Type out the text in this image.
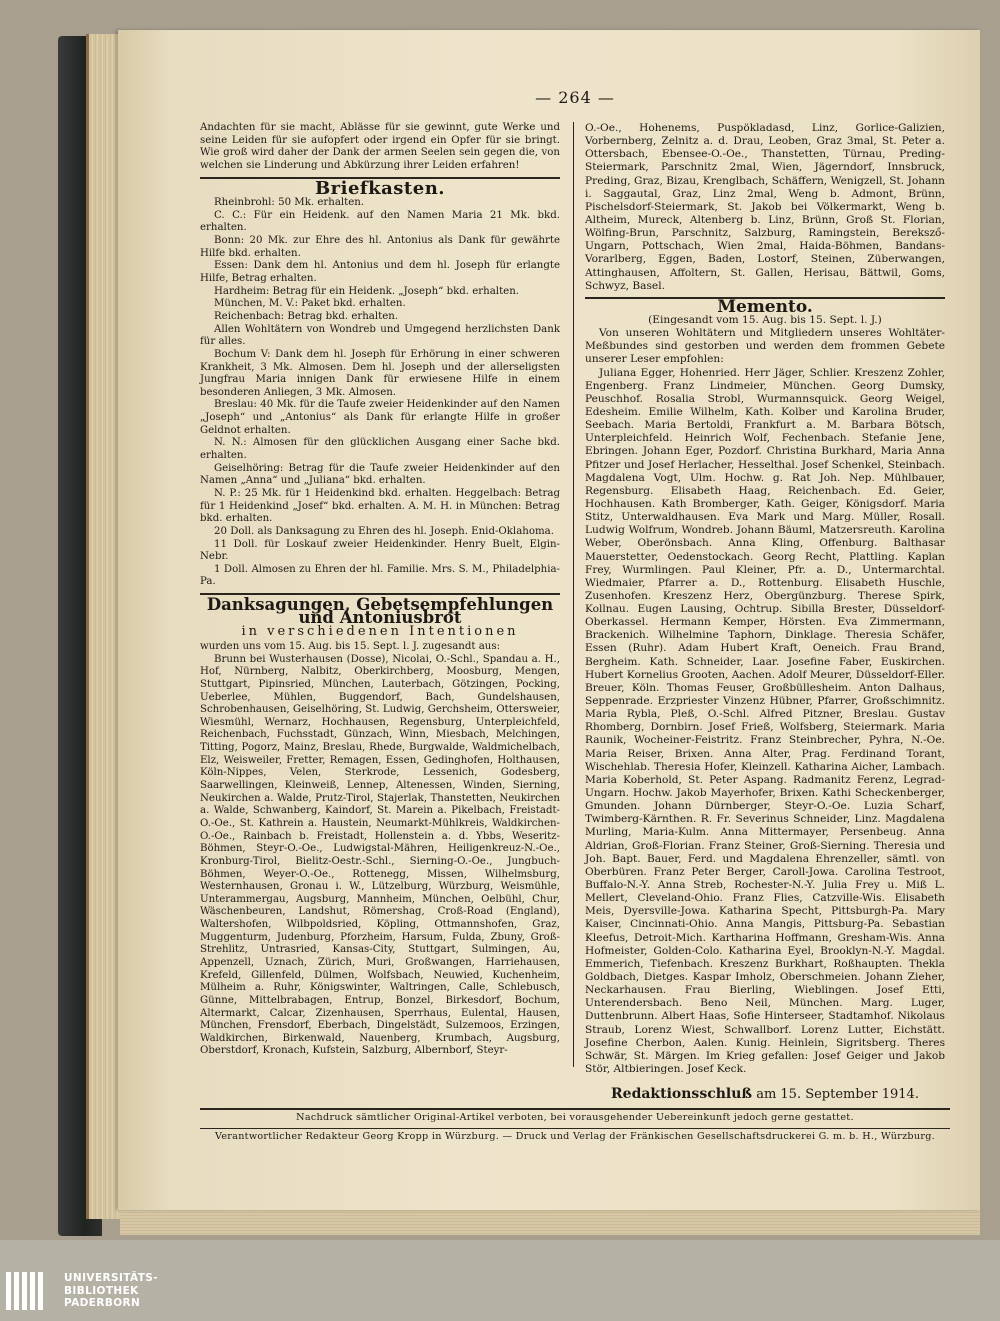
— 264 —

Andachten für sie macht, Ablässe für sie gewinnt, gute Werke und seine Leiden für sie aufopfert oder irgend ein Opfer für sie bringt. Wie groß wird daher der Dank der armen Seelen sein gegen die, von welchen sie Linderung und Abkürzung ihrer Leiden erfahren!

Briefkasten.

Rheinbrohl: 50 Mk. erhalten.

C. C.: Für ein Heidenk. auf den Namen Maria 21 Mk. bkd. erhalten.

Bonn: 20 Mk. zur Ehre des hl. Antonius als Dank für gewährte Hilfe bkd. erhalten.

Essen: Dank dem hl. Antonius und dem hl. Joseph für erlangte Hilfe, Betrag erhalten.

Hardheim: Betrag für ein Heidenk. „Joseph“ bkd. erhalten.

München, M. V.: Paket bkd. erhalten.

Reichenbach: Betrag bkd. erhalten.

Allen Wohltätern von Wondreb und Umgegend herzlichsten Dank für alles.

Bochum V: Dank dem hl. Joseph für Erhörung in einer schweren Krankheit, 3 Mk. Almosen. Dem hl. Joseph und der allerseligsten Jungfrau Maria innigen Dank für erwiesene Hilfe in einem besonderen Anliegen, 3 Mk. Almosen.

Breslau: 40 Mk. für die Taufe zweier Heidenkinder auf den Namen „Joseph“ und „Antonius“ als Dank für erlangte Hilfe in großer Geldnot erhalten.

N. N.: Almosen für den glücklichen Ausgang einer Sache bkd. erhalten.

Geiselhöring: Betrag für die Taufe zweier Heidenkinder auf den Namen „Anna“ und „Juliana“ bkd. erhalten.

N. P.: 25 Mk. für 1 Heidenkind bkd. erhalten. Heggelbach: Betrag für 1 Heidenkind „Josef“ bkd. erhalten. A. M. H. in München: Betrag bkd. erhalten.

20 Doll. als Danksagung zu Ehren des hl. Joseph. Enid-Oklahoma.

11 Doll. für Loskauf zweier Heidenkinder. Henry Buelt, Elgin-Nebr.

1 Doll. Almosen zu Ehren der hl. Familie. Mrs. S. M., Philadelphia-Pa.

Danksagungen, Gebetsempfehlungen und Antoniusbrot
in verschiedenen Intentionen

wurden uns vom 15. Aug. bis 15. Sept. l. J. zugesandt aus:

Brunn bei Wusterhausen (Dosse), Nicolai, O.-Schl., Spandau a. H., Hof, Nürnberg, Nalbitz, Oberkirchberg, Moosburg, Mengen, Stuttgart, Pipinsried, München, Lauterbach, Götzingen, Pocking, Ueberlee, Mühlen, Buggendorf, Bach, Gundelshausen, Schrobenhausen, Geiselhöring, St. Ludwig, Gerchsheim, Ottersweier, Wiesmühl, Wernarz, Hochhausen, Regensburg, Unterpleichfeld, Reichenbach, Fuchsstadt, Günzach, Winn, Miesbach, Melchingen, Titting, Pogorz, Mainz, Breslau, Rhede, Burgwalde, Waldmichelbach, Elz, Weisweiler, Fretter, Remagen, Essen, Gedinghofen, Holthausen, Köln-Nippes, Velen, Sterkrode, Lessenich, Godesberg, Saarwellingen, Kleinweiß, Lennep, Altenessen, Winden, Sierning, Neukirchen a. Walde, Prutz-Tirol, Stajerlak, Thanstetten, Neukirchen a. Walde, Schwanberg, Kaindorf, St. Marein a. Pikelbach, Freistadt-O.-Oe., St. Kathrein a. Haustein, Neumarkt-Mühlkreis, Waldkirchen-O.-Oe., Rainbach b. Freistadt, Hollenstein a. d. Ybbs, Weseritz-Böhmen, Steyr-O.-Oe., Ludwigstal-Mähren, Heiligenkreuz-N.-Oe., Kronburg-Tirol, Bielitz-Oestr.-Schl., Sierning-O.-Oe., Jungbuch-Böhmen, Weyer-O.-Oe., Rottenegg, Missen, Wilhelmsburg, Westernhausen, Gronau i. W., Lützelburg, Würzburg, Weismühle, Unterammergau, Augsburg, Mannheim, München, Oelbühl, Chur, Wäschenbeuren, Landshut, Römershag, Croß-Road (England), Waltershofen, Wilbpoldsried, Köpling, Ottmannshofen, Graz, Muggenturm, Judenburg, Pforzheim, Harsum, Fulda, Zbuny, Groß-Strehlitz, Untrasried, Kansas-City, Stuttgart, Sulmingen, Au, Appenzell, Uznach, Zürich, Muri, Großwangen, Harriehausen, Krefeld, Gillenfeld, Dülmen, Wolfsbach, Neuwied, Kuchenheim, Mülheim a. Ruhr, Königswinter, Waltringen, Calle, Schlebusch, Günne, Mittelbrabagen, Entrup, Bonzel, Birkesdorf, Bochum, Altermarkt, Calcar, Zizenhausen, Sperrhaus, Eulental, Hausen, München, Frensdorf, Eberbach, Dingelstädt, Sulzemoos, Erzingen, Waldkirchen, Birkenwald, Nauenberg, Krumbach, Augsburg, Oberstdorf, Kronach, Kufstein, Salzburg, Albernborf, Steyr-

O.-Oe., Hohenems, Puspökladasd, Linz, Gorlice-Galizien, Vorbernberg, Zelnitz a. d. Drau, Leoben, Graz 3mal, St. Peter a. Ottersbach, Ebensee-O.-Oe., Thanstetten, Türnau, Preding-Steiermark, Parschnitz 2mal, Wien, Jägerndorf, Innsbruck, Preding, Graz, Bizau, Krenglbach, Schäffern, Wenigzell, St. Johann i. Saggautal, Graz, Linz 2mal, Weng b. Admont, Brünn, Pischelsdorf-Steiermark, St. Jakob bei Völkermarkt, Weng b. Altheim, Mureck, Altenberg b. Linz, Brünn, Groß St. Florian, Wölfing-Brun, Parschnitz, Salzburg, Ramingstein, Bereksző-Ungarn, Pottschach, Wien 2mal, Haida-Böhmen, Bandans-Vorarlberg, Eggen, Baden, Lostorf, Steinen, Züberwangen, Attinghausen, Affoltern, St. Gallen, Herisau, Bättwil, Goms, Schwyz, Basel.

Memento.
(Eingesandt vom 15. Aug. bis 15. Sept. l. J.)

Von unseren Wohltätern und Mitgliedern unseres Wohltäter-Meßbundes sind gestorben und werden dem frommen Gebete unserer Leser empfohlen:

Juliana Egger, Hohenried. Herr Jäger, Schlier. Kreszenz Zohler, Engenberg. Franz Lindmeier, München. Georg Dumsky, Peuschhof. Rosalia Strobl, Wurmannsquick. Georg Weigel, Edesheim. Emilie Wilhelm, Kath. Kolber und Karolina Bruder, Seebach. Maria Bertoldi, Frankfurt a. M. Barbara Bötsch, Unterpleichfeld. Heinrich Wolf, Fechenbach. Stefanie Jene, Ebringen. Johann Eger, Pozdorf. Christina Burkhard, Maria Anna Pfitzer und Josef Herlacher, Hesselthal. Josef Schenkel, Steinbach. Magdalena Vogt, Ulm. Hochw. g. Rat Joh. Nep. Mühlbauer, Regensburg. Elisabeth Haag, Reichenbach. Ed. Geier, Hochhausen. Kath Bromberger, Kath. Geiger, Königsdorf. Maria Stitz, Unterwaldhausen. Eva Mark und Marg. Müller, Rosall. Ludwig Wolfrum, Wondreb. Johann Bäuml, Matzersreuth. Karolina Weber, Oberönsbach. Anna Kling, Offenburg. Balthasar Mauerstetter, Oedenstockach. Georg Recht, Plattling. Kaplan Frey, Wurmlingen. Paul Kleiner, Pfr. a. D., Untermarchtal. Wiedmaier, Pfarrer a. D., Rottenburg. Elisabeth Huschle, Zusenhofen. Kreszenz Herz, Obergünzburg. Therese Spirk, Kollnau. Eugen Lausing, Ochtrup. Sibilla Brester, Düsseldorf-Oberkassel. Hermann Kemper, Hörsten. Eva Zimmermann, Brackenich. Wilhelmine Taphorn, Dinklage. Theresia Schäfer, Essen (Ruhr). Adam Hubert Kraft, Oeneich. Frau Brand, Bergheim. Kath. Schneider, Laar. Josefine Faber, Euskirchen. Hubert Kornelius Grooten, Aachen. Adolf Meurer, Düsseldorf-Eller. Breuer, Köln. Thomas Feuser, Großbüllesheim. Anton Dalhaus, Seppenrade. Erzpriester Vinzenz Hübner, Pfarrer, Großschimnitz. Maria Rybla, Pleß, O.-Schl. Alfred Pitzner, Breslau. Gustav Rhomberg, Dornbirn. Josef Frieß, Wolfsberg, Steiermark. Maria Raunik, Wocheiner-Feistritz. Franz Steinbrecher, Pyhra, N.-Oe. Maria Reiser, Brixen. Anna Alter, Prag. Ferdinand Torant, Wischehlab. Theresia Hofer, Kleinzell. Katharina Aicher, Lambach. Maria Koberhold, St. Peter Aspang. Radmanitz Ferenz, Legrad-Ungarn. Hochw. Jakob Mayerhofer, Brixen. Kathi Scheckenberger, Gmunden. Johann Dürnberger, Steyr-O.-Oe. Luzia Scharf, Twimberg-Kärnthen. R. Fr. Severinus Schneider, Linz. Magdalena Murling, Maria-Kulm. Anna Mittermayer, Persenbeug. Anna Aldrian, Groß-Florian. Franz Steiner, Groß-Sierning. Theresia und Joh. Bapt. Bauer, Ferd. und Magdalena Ehrenzeller, sämtl. von Oberbüren. Franz Peter Berger, Caroll-Jowa. Carolina Testroot, Buffalo-N.-Y. Anna Streb, Rochester-N.-Y. Julia Frey u. Miß L. Mellert, Cleveland-Ohio. Franz Flies, Catzville-Wis. Elisabeth Meis, Dyersville-Jowa. Katharina Specht, Pittsburgh-Pa. Mary Kaiser, Cincinnati-Ohio. Anna Mangis, Pittsburg-Pa. Sebastian Kleefus, Detroit-Mich. Kartharina Hoffmann, Gresham-Wis. Anna Hofmeister, Golden-Colo. Katharina Eyel, Brooklyn-N.-Y. Magdal. Emmerich, Tiefenbach. Kreszenz Burkhart, Roßhaupten. Thekla Goldbach, Dietges. Kaspar Imholz, Oberschmeien. Johann Zieher, Neckarhausen. Frau Bierling, Wieblingen. Josef Etti, Unterendersbach. Beno Neil, München. Marg. Luger, Duttenbrunn. Albert Haas, Sofie Hinterseer, Stadtamhof. Nikolaus Straub, Lorenz Wiest, Schwallborf. Lorenz Lutter, Eichstätt. Josefine Cherbon, Aalen. Kunig. Heinlein, Sigritsberg. Theres Schwär, St. Märgen. Im Krieg gefallen: Josef Geiger und Jakob Stör, Altbieringen. Josef Keck.

Redaktionsschluß am 15. September 1914.
Nachdruck sämtlicher Original-Artikel verboten, bei vorausgehender Uebereinkunft jedoch gerne gestattet.
Verantwortlicher Redakteur Georg Kropp in Würzburg. — Druck und Verlag der Fränkischen Gesellschaftsdruckerei G. m. b. H., Würzburg.
UNIVERSITÄTS-
BIBLIOTHEK
PADERBORN
